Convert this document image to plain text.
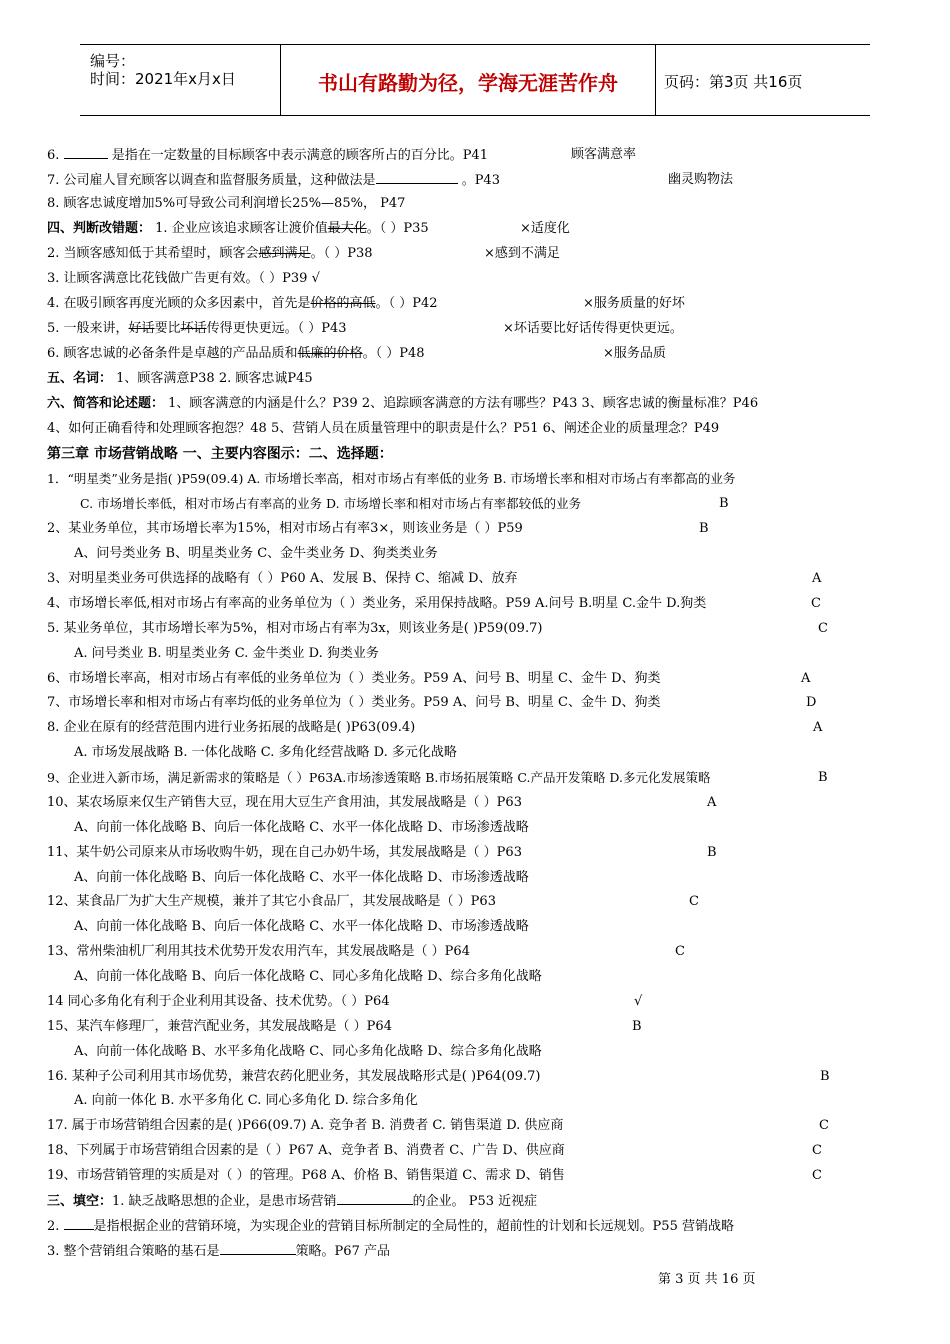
编号：
时间：2021年x月x日	书山有路勤为径，学海无涯苦作舟	页码：第3页 共16页
6.	是指在一定数量的目标顾客中表示满意的顾客所占的百分比。P41	顾客满意率
7. 公司雇人冒充顾客以调查和监督服务质量，这种做法是	。P43	幽灵购物法
8. 顾客忠诚度增加5%可导致公司利润增长25%—85%， P47
四、判断改错题： 1. 企业应该追求顾客让渡价值最大化。（ ）P35	×适度化
2. 当顾客感知低于其希望时，顾客会感到满足。（ ）P38	×感到不满足
3. 让顾客满意比花钱做广告更有效。（ ）P39 √
4. 在吸引顾客再度光顾的众多因素中，首先是价格的高低。（ ）P42	×服务质量的好坏
5. 一般来讲，好话要比坏话传得更快更远。（ ）P43	×坏话要比好话传得更快更远。
6. 顾客忠诚的必备条件是卓越的产品品质和低廉的价格。（ ）P48	×服务品质
五、名词： 1、顾客满意P38 2. 顾客忠诚P45
六、简答和论述题： 1、顾客满意的内涵是什么？P39 2、追踪顾客满意的方法有哪些？P43 3、顾客忠诚的衡量标准？P46
4、如何正确看待和处理顾客抱怨？48 5、营销人员在质量管理中的职责是什么？P51 6、阐述企业的质量理念？P49
第三章 市场营销战略 一、主要内容图示：二、选择题：
1．“明星类”业务是指( )P59(09.4) A. 市场增长率高，相对市场占有率低的业务 B. 市场增长率和相对市场占有率都高的业务
C. 市场增长率低，相对市场占有率高的业务 D. 市场增长率和相对市场占有率都较低的业务	B
2、某业务单位，其市场增长率为15%，相对市场占有率3×，则该业务是（ ）P59	B
A、问号类业务 B、明星类业务 C、金牛类业务 D、狗类类业务
3、对明星类业务可供选择的战略有（ ）P60 A、发展 B、保持 C、缩减 D、放弃	A
4、市场增长率低,相对市场占有率高的业务单位为（ ）类业务，采用保持战略。P59 A.问号 B.明星 C.金牛 D.狗类	C
5. 某业务单位，其市场增长率为5%，相对市场占有率为3x，则该业务是( )P59(09.7)	C
A. 问号类业 B. 明星类业务 C. 金牛类业 D. 狗类业务
6、市场增长率高，相对市场占有率低的业务单位为（ ）类业务。P59 A、问号 B、明星 C、金牛 D、狗类	A
7、市场增长率和相对市场占有率均低的业务单位为（ ）类业务。P59 A、问号 B、明星 C、金牛 D、狗类	D
8. 企业在原有的经营范围内进行业务拓展的战略是( )P63(09.4)	A
A. 市场发展战略 B. 一体化战略 C. 多角化经营战略 D. 多元化战略
9、企业进入新市场，满足新需求的策略是（ ）P63A.市场渗透策略 B.市场拓展策略 C.产品开发策略 D.多元化发展策略	B
10、某农场原来仅生产销售大豆，现在用大豆生产食用油，其发展战略是（ ）P63	A
A、向前一体化战略 B、向后一体化战略 C、水平一体化战略 D、市场渗透战略
11、某牛奶公司原来从市场收购牛奶，现在自己办奶牛场，其发展战略是（ ）P63	B
A、向前一体化战略 B、向后一体化战略 C、水平一体化战略 D、市场渗透战略
12、某食品厂为扩大生产规模，兼并了其它小食品厂，其发展战略是（ ）P63	C
A、向前一体化战略 B、向后一体化战略 C、水平一体化战略 D、市场渗透战略
13、常州柴油机厂利用其技术优势开发农用汽车，其发展战略是（ ）P64	C
A、向前一体化战略 B、向后一体化战略 C、同心多角化战略 D、综合多角化战略
14 同心多角化有利于企业利用其设备、技术优势。（ ）P64	√
15、某汽车修理厂，兼营汽配业务，其发展战略是（ ）P64	B
A、向前一体化战略 B、水平多角化战略 C、同心多角化战略 D、综合多角化战略
16. 某种子公司利用其市场优势，兼营农药化肥业务，其发展战略形式是( )P64(09.7)	B
A. 向前一体化 B. 水平多角化 C. 同心多角化 D. 综合多角化
17. 属于市场营销组合因素的是( )P66(09.7) A. 竞争者 B. 消费者 C. 销售渠道 D. 供应商	C
18、下列属于市场营销组合因素的是（ ）P67 A、竞争者 B、消费者 C、广告 D、供应商	C
19、市场营销管理的实质是对（ ）的管理。P68 A、价格 B、销售渠道 C、需求 D、销售	C
三、填空：1. 缺乏战略思想的企业，是患市场营销	的企业。 P53 近视症
2.	是指根据企业的营销环境，为实现企业的营销目标所制定的全局性的，超前性的计划和长远规划。P55 营销战略
3. 整个营销组合策略的基石是	策略。P67 产品
第 3 页 共 16 页
